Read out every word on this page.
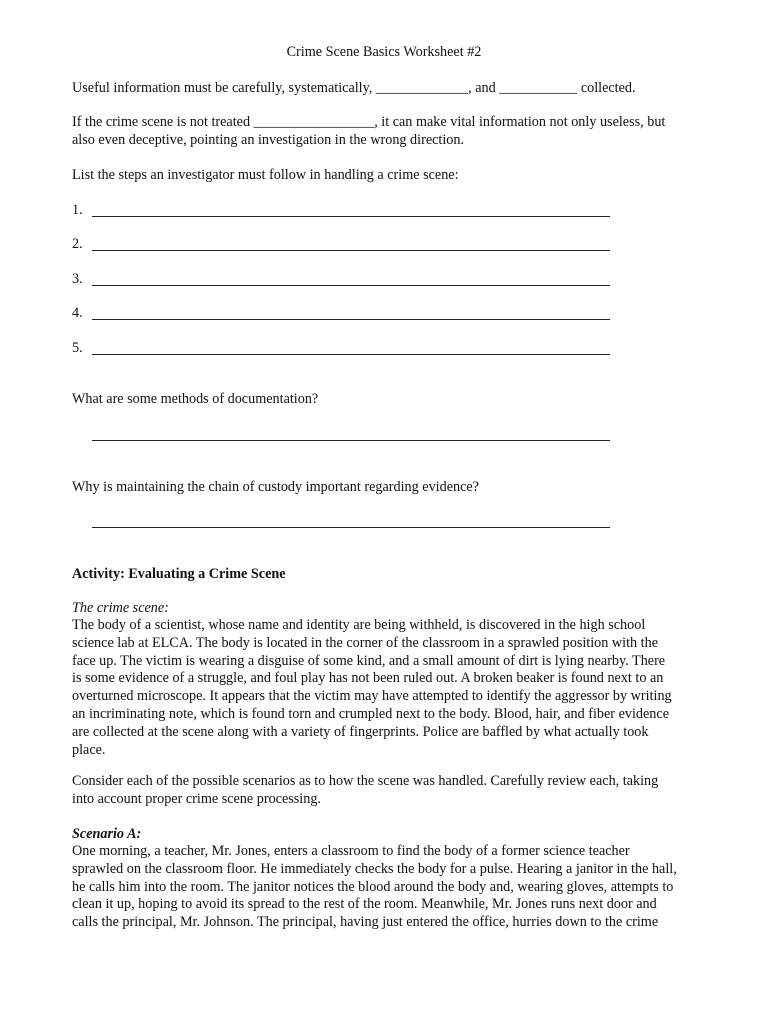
Crime Scene Basics Worksheet #2
Useful information must be carefully, systematically, _____________, and ___________ collected.
If the crime scene is not treated _________________, it can make vital information not only useless, but
also even deceptive, pointing an investigation in the wrong direction.
List the steps an investigator must follow in handling a crime scene:
1.
2.
3.
4.
5.
What are some methods of documentation?
Why is maintaining the chain of custody important regarding evidence?
Activity: Evaluating a Crime Scene
The crime scene:
The body of a scientist, whose name and identity are being withheld, is discovered in the high school
science lab at ELCA. The body is located in the corner of the classroom in a sprawled position with the
face up. The victim is wearing a disguise of some kind, and a small amount of dirt is lying nearby. There
is some evidence of a struggle, and foul play has not been ruled out. A broken beaker is found next to an
overturned microscope. It appears that the victim may have attempted to identify the aggressor by writing
an incriminating note, which is found torn and crumpled next to the body. Blood, hair, and fiber evidence
are collected at the scene along with a variety of fingerprints. Police are baffled by what actually took
place.
Consider each of the possible scenarios as to how the scene was handled. Carefully review each, taking
into account proper crime scene processing.
Scenario A:
One morning, a teacher, Mr. Jones, enters a classroom to find the body of a former science teacher
sprawled on the classroom floor. He immediately checks the body for a pulse. Hearing a janitor in the hall,
he calls him into the room. The janitor notices the blood around the body and, wearing gloves, attempts to
clean it up, hoping to avoid its spread to the rest of the room. Meanwhile, Mr. Jones runs next door and
calls the principal, Mr. Johnson. The principal, having just entered the office, hurries down to the crime
